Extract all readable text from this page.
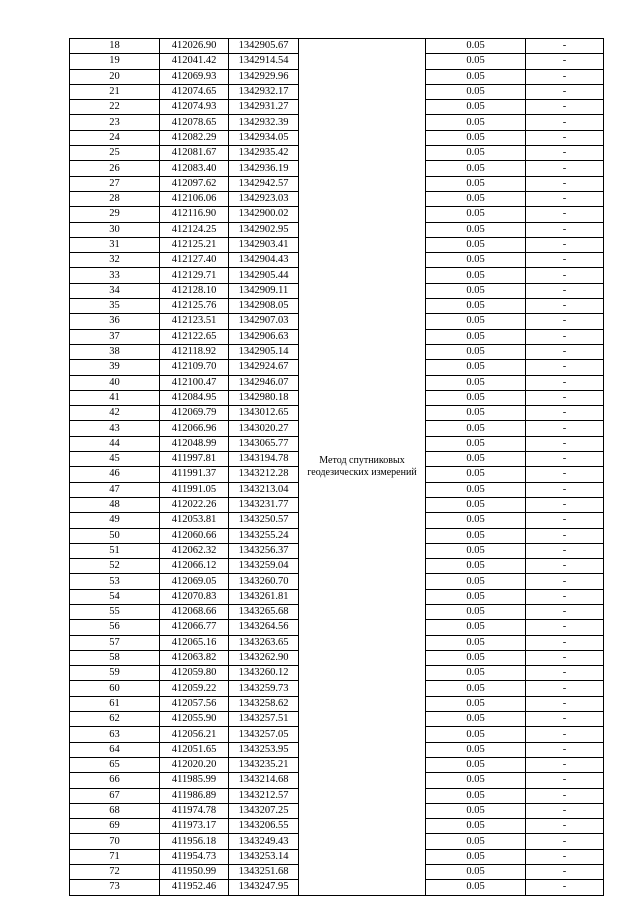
18	412026.90	1342905.67	Метод спутниковых геодезических измерений	0.05	-
19	412041.42	1342914.54		0.05	-
20	412069.93	1342929.96		0.05	-
21	412074.65	1342932.17		0.05	-
22	412074.93	1342931.27		0.05	-
23	412078.65	1342932.39		0.05	-
24	412082.29	1342934.05		0.05	-
25	412081.67	1342935.42		0.05	-
26	412083.40	1342936.19		0.05	-
27	412097.62	1342942.57		0.05	-
28	412106.06	1342923.03		0.05	-
29	412116.90	1342900.02		0.05	-
30	412124.25	1342902.95		0.05	-
31	412125.21	1342903.41		0.05	-
32	412127.40	1342904.43		0.05	-
33	412129.71	1342905.44		0.05	-
34	412128.10	1342909.11		0.05	-
35	412125.76	1342908.05		0.05	-
36	412123.51	1342907.03		0.05	-
37	412122.65	1342906.63		0.05	-
38	412118.92	1342905.14		0.05	-
39	412109.70	1342924.67		0.05	-
40	412100.47	1342946.07		0.05	-
41	412084.95	1342980.18		0.05	-
42	412069.79	1343012.65		0.05	-
43	412066.96	1343020.27		0.05	-
44	412048.99	1343065.77		0.05	-
45	411997.81	1343194.78		0.05	-
46	411991.37	1343212.28		0.05	-
47	411991.05	1343213.04		0.05	-
48	412022.26	1343231.77		0.05	-
49	412053.81	1343250.57		0.05	-
50	412060.66	1343255.24		0.05	-
51	412062.32	1343256.37		0.05	-
52	412066.12	1343259.04		0.05	-
53	412069.05	1343260.70		0.05	-
54	412070.83	1343261.81		0.05	-
55	412068.66	1343265.68		0.05	-
56	412066.77	1343264.56		0.05	-
57	412065.16	1343263.65		0.05	-
58	412063.82	1343262.90		0.05	-
59	412059.80	1343260.12		0.05	-
60	412059.22	1343259.73		0.05	-
61	412057.56	1343258.62		0.05	-
62	412055.90	1343257.51		0.05	-
63	412056.21	1343257.05		0.05	-
64	412051.65	1343253.95		0.05	-
65	412020.20	1343235.21		0.05	-
66	411985.99	1343214.68		0.05	-
67	411986.89	1343212.57		0.05	-
68	411974.78	1343207.25		0.05	-
69	411973.17	1343206.55		0.05	-
70	411956.18	1343249.43		0.05	-
71	411954.73	1343253.14		0.05	-
72	411950.99	1343251.68		0.05	-
73	411952.46	1343247.95		0.05	-
